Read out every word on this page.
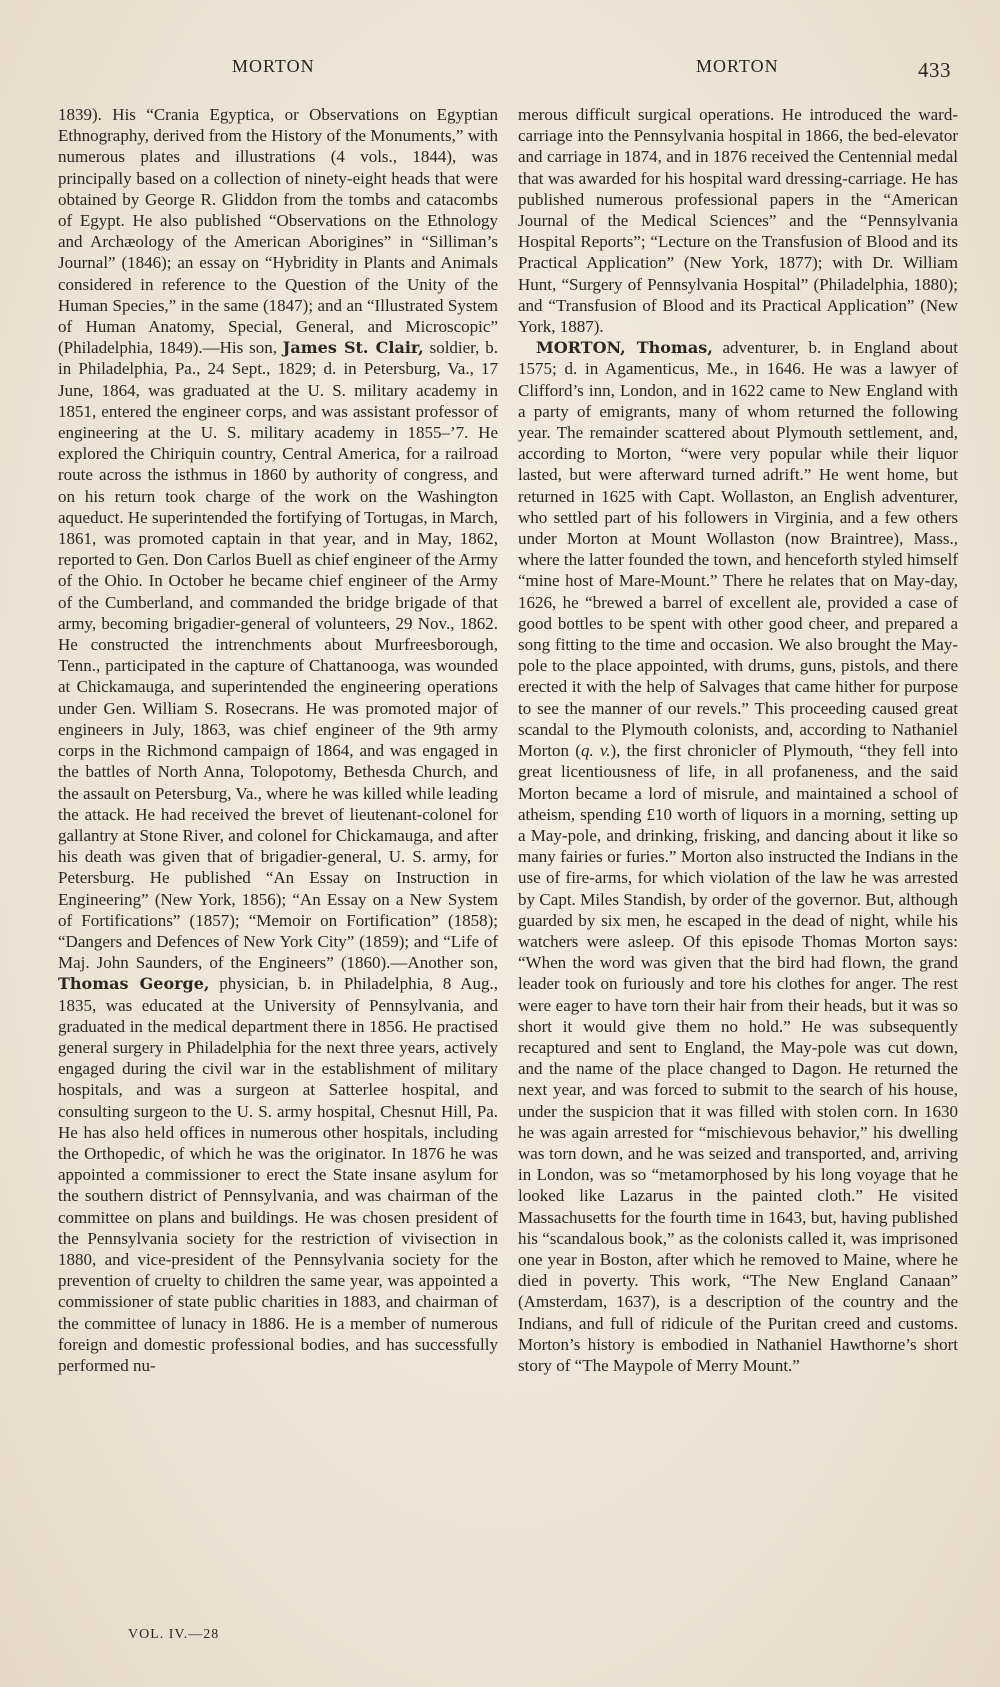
MORTON	MORTON	433

1839). His “Crania Egyptica, or Observations on Egyptian Ethnography, derived from the History of the Monuments,” with numerous plates and illustrations (4 vols., 1844), was principally based on a collection of ninety-eight heads that were obtained by George R. Gliddon from the tombs and catacombs of Egypt. He also published “Observations on the Ethnology and Archæology of the American Aborigines” in “Silliman’s Journal” (1846); an essay on “Hybridity in Plants and Animals considered in reference to the Question of the Unity of the Human Species,” in the same (1847); and an “Illustrated System of Human Anatomy, Special, General, and Microscopic” (Philadelphia, 1849).—His son, James St. Clair, soldier, b. in Philadelphia, Pa., 24 Sept., 1829; d. in Petersburg, Va., 17 June, 1864, was graduated at the U. S. military academy in 1851, entered the engineer corps, and was assistant professor of engineering at the U. S. military academy in 1855–’7. He explored the Chiriquin country, Central America, for a railroad route across the isthmus in 1860 by authority of congress, and on his return took charge of the work on the Washington aqueduct. He superintended the fortifying of Tortugas, in March, 1861, was promoted captain in that year, and in May, 1862, reported to Gen. Don Carlos Buell as chief engineer of the Army of the Ohio. In October he became chief engineer of the Army of the Cumberland, and commanded the bridge brigade of that army, becoming brigadier-general of volunteers, 29 Nov., 1862. He constructed the intrenchments about Murfreesborough, Tenn., participated in the capture of Chattanooga, was wounded at Chickamauga, and superintended the engineering operations under Gen. William S. Rosecrans. He was promoted major of engineers in July, 1863, was chief engineer of the 9th army corps in the Richmond campaign of 1864, and was engaged in the battles of North Anna, Tolopotomy, Bethesda Church, and the assault on Petersburg, Va., where he was killed while leading the attack. He had received the brevet of lieutenant-colonel for gallantry at Stone River, and colonel for Chickamauga, and after his death was given that of brigadier-general, U. S. army, for Petersburg. He published “An Essay on Instruction in Engineering” (New York, 1856); “An Essay on a New System of Fortifications” (1857); “Memoir on Fortification” (1858); “Dangers and Defences of New York City” (1859); and “Life of Maj. John Saunders, of the Engineers” (1860).—Another son, Thomas George, physician, b. in Philadelphia, 8 Aug., 1835, was educated at the University of Pennsylvania, and graduated in the medical department there in 1856. He practised general surgery in Philadelphia for the next three years, actively engaged during the civil war in the establishment of military hospitals, and was a surgeon at Satterlee hospital, and consulting surgeon to the U. S. army hospital, Chesnut Hill, Pa. He has also held offices in numerous other hospitals, including the Orthopedic, of which he was the originator. In 1876 he was appointed a commissioner to erect the State insane asylum for the southern district of Pennsylvania, and was chairman of the committee on plans and buildings. He was chosen president of the Pennsylvania society for the restriction of vivisection in 1880, and vice-president of the Pennsylvania society for the prevention of cruelty to children the same year, was appointed a commissioner of state public charities in 1883, and chairman of the committee of lunacy in 1886. He is a member of numerous foreign and domestic professional bodies, and has successfully performed nu-

merous difficult surgical operations. He introduced the ward-carriage into the Pennsylvania hospital in 1866, the bed-elevator and carriage in 1874, and in 1876 received the Centennial medal that was awarded for his hospital ward dressing-carriage. He has published numerous professional papers in the “American Journal of the Medical Sciences” and the “Pennsylvania Hospital Reports”; “Lecture on the Transfusion of Blood and its Practical Application” (New York, 1877); with Dr. William Hunt, “Surgery of Pennsylvania Hospital” (Philadelphia, 1880); and “Transfusion of Blood and its Practical Application” (New York, 1887).

MORTON, Thomas, adventurer, b. in England about 1575; d. in Agamenticus, Me., in 1646. He was a lawyer of Clifford’s inn, London, and in 1622 came to New England with a party of emigrants, many of whom returned the following year. The remainder scattered about Plymouth settlement, and, according to Morton, “were very popular while their liquor lasted, but were afterward turned adrift.” He went home, but returned in 1625 with Capt. Wollaston, an English adventurer, who settled part of his followers in Virginia, and a few others under Morton at Mount Wollaston (now Braintree), Mass., where the latter founded the town, and henceforth styled himself “mine host of Mare-Mount.” There he relates that on May-day, 1626, he “brewed a barrel of excellent ale, provided a case of good bottles to be spent with other good cheer, and prepared a song fitting to the time and occasion. We also brought the May-pole to the place appointed, with drums, guns, pistols, and there erected it with the help of Salvages that came hither for purpose to see the manner of our revels.” This proceeding caused great scandal to the Plymouth colonists, and, according to Nathaniel Morton (q. v.), the first chronicler of Plymouth, “they fell into great licentiousness of life, in all profaneness, and the said Morton became a lord of misrule, and maintained a school of atheism, spending £10 worth of liquors in a morning, setting up a May-pole, and drinking, frisking, and dancing about it like so many fairies or furies.” Morton also instructed the Indians in the use of fire-arms, for which violation of the law he was arrested by Capt. Miles Standish, by order of the governor. But, although guarded by six men, he escaped in the dead of night, while his watchers were asleep. Of this episode Thomas Morton says: “When the word was given that the bird had flown, the grand leader took on furiously and tore his clothes for anger. The rest were eager to have torn their hair from their heads, but it was so short it would give them no hold.” He was subsequently recaptured and sent to England, the May-pole was cut down, and the name of the place changed to Dagon. He returned the next year, and was forced to submit to the search of his house, under the suspicion that it was filled with stolen corn. In 1630 he was again arrested for “mischievous behavior,” his dwelling was torn down, and he was seized and transported, and, arriving in London, was so “metamorphosed by his long voyage that he looked like Lazarus in the painted cloth.” He visited Massachusetts for the fourth time in 1643, but, having published his “scandalous book,” as the colonists called it, was imprisoned one year in Boston, after which he removed to Maine, where he died in poverty. This work, “The New England Canaan” (Amsterdam, 1637), is a description of the country and the Indians, and full of ridicule of the Puritan creed and customs. Morton’s history is embodied in Nathaniel Hawthorne’s short story of “The Maypole of Merry Mount.”

VOL. IV.—28
